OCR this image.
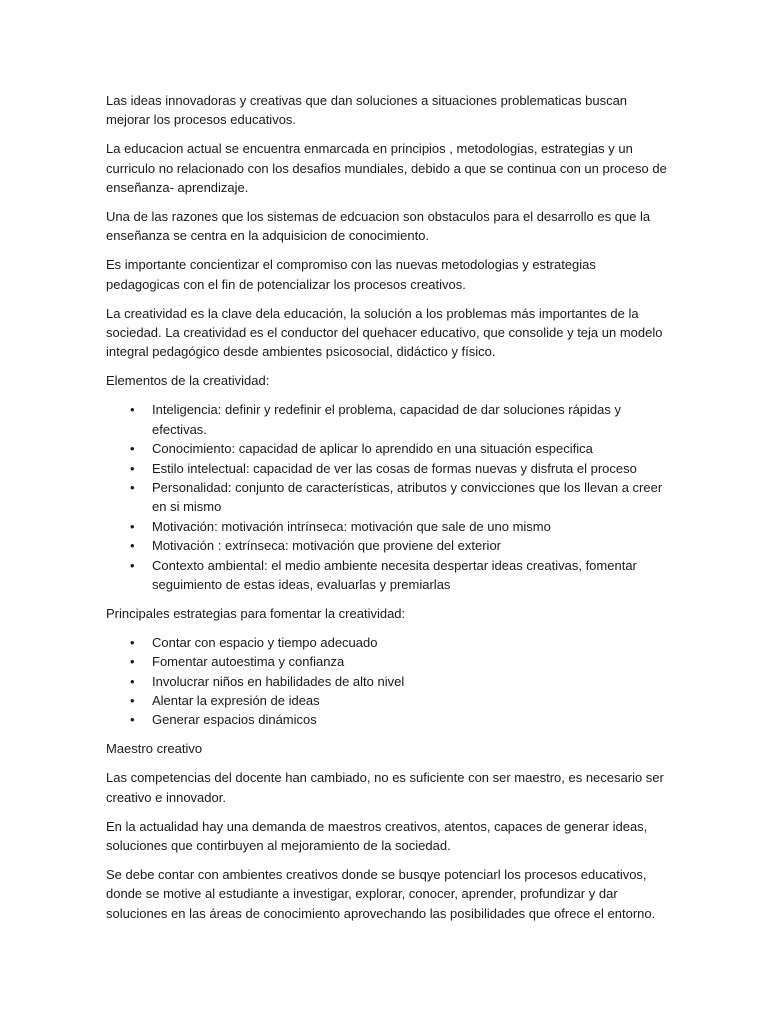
Las ideas innovadoras y creativas que dan soluciones a situaciones problematicas buscan mejorar los procesos educativos.

La educacion actual se encuentra enmarcada en principios , metodologias, estrategias y un curriculo no relacionado con los desafios mundiales, debido a que se continua con un proceso de enseñanza- aprendizaje.

Una de las razones que los sistemas de edcuacion son obstaculos para el desarrollo es que la enseñanza se centra en la adquisicion de conocimiento.

Es importante concientizar el compromiso con las nuevas metodologias y estrategias pedagogicas con el fin de potencializar los procesos creativos.

La creatividad es la clave dela educación, la solución a los problemas más importantes de la sociedad. La creatividad es el conductor del quehacer educativo, que consolide y teja un modelo integral pedagógico desde ambientes psicosocial, didáctico y físico.

Elementos de la creatividad:

• Inteligencia: definir y redefinir el problema, capacidad de dar soluciones rápidas y efectivas.
• Conocimiento: capacidad de aplicar lo aprendido en una situación especifica
• Estilo intelectual: capacidad de ver las cosas de formas nuevas y disfruta el proceso
• Personalidad: conjunto de características, atributos y convicciones que los llevan a creer en si mismo
• Motivación: motivación intrínseca: motivación que sale de uno mismo
• Motivación : extrínseca: motivación que proviene del exterior
• Contexto ambiental: el medio ambiente necesita despertar ideas creativas, fomentar seguimiento de estas ideas, evaluarlas y premiarlas

Principales estrategias para fomentar la creatividad:

• Contar con espacio y tiempo adecuado
• Fomentar autoestima y confianza
• Involucrar niños en habilidades de alto nivel
• Alentar la expresión de ideas
• Generar espacios dinámicos

Maestro creativo

Las competencias del docente han cambiado, no es suficiente con ser maestro, es necesario ser creativo e innovador.

En la actualidad hay una demanda de maestros creativos, atentos, capaces de generar ideas, soluciones que contirbuyen al mejoramiento de la sociedad.

Se debe contar con ambientes creativos donde se busqye potenciarl los procesos educativos, donde se motive al estudiante a investigar, explorar, conocer, aprender, profundizar y dar soluciones en las áreas de conocimiento aprovechando las posibilidades que ofrece el entorno.
